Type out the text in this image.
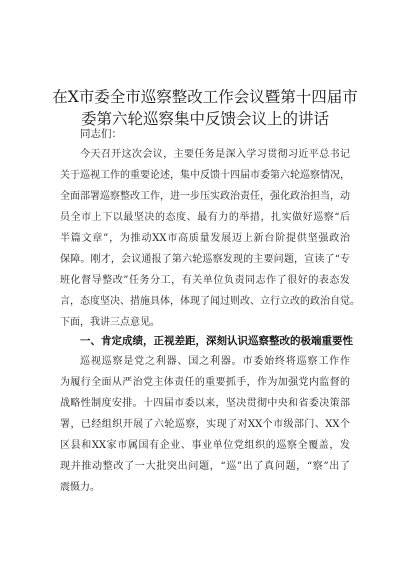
在X市委全市巡察整改工作会议暨第十四届市
委第六轮巡察集中反馈会议上的讲话
同志们：
今天召开这次会议，主要任务是深入学习贯彻习近平总书记
关于巡视工作的重要论述，集中反馈十四届市委第六轮巡察情况，
全面部署巡察整改工作，进一步压实政治责任，强化政治担当，动
员全市上下以最坚决的态度、最有力的举措，扎实做好巡察“后
半篇文章”，为推动XX市高质量发展迈上新台阶提供坚强政治
保障。刚才，会议通报了第六轮巡察发现的主要问题，宣读了“专
班化督导整改”任务分工，有关单位负责同志作了很好的表态发
言，态度坚决、措施具体，体现了闻过则改、立行立改的政治自觉。
下面，我讲三点意见。
一、肯定成绩，正视差距，深刻认识巡察整改的极端重要性
巡视巡察是党之利器、国之利器。市委始终将巡察工作作
为履行全面从严治党主体责任的重要抓手，作为加强党内监督的
战略性制度安排。十四届市委以来，坚决贯彻中央和省委决策部
署，已经组织开展了六轮巡察，实现了对XX个市级部门、XX个
区县和XX家市属国有企业、事业单位党组织的巡察全覆盖，发
现并推动整改了一大批突出问题，“巡”出了真问题，“察”出了
震慑力。
